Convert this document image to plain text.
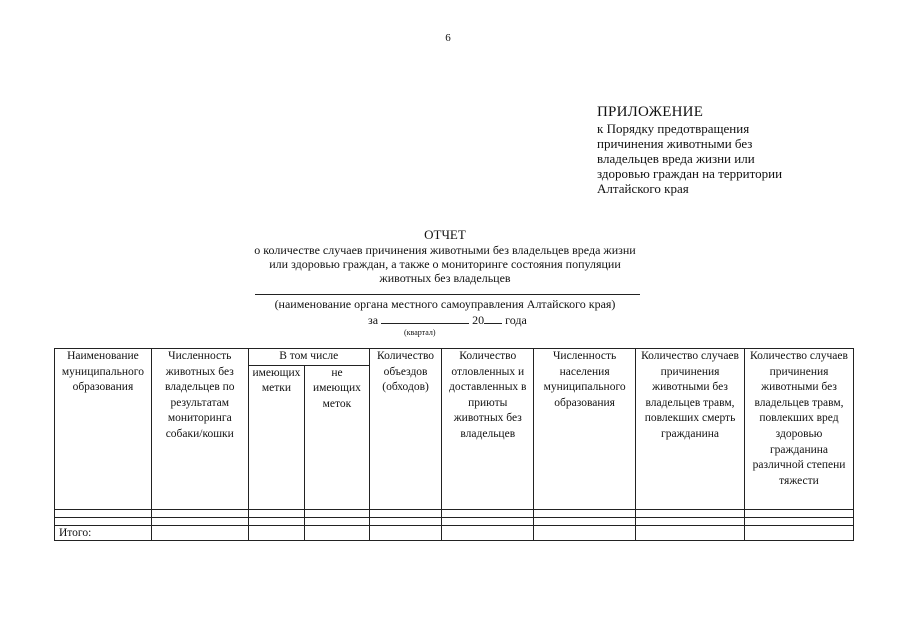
6
ПРИЛОЖЕНИЕ
к Порядку предотвращения
причинения животными без
владельцев вреда жизни или
здоровью граждан на территории
Алтайского края
ОТЧЕТ
о количестве случаев причинения животными без владельцев вреда жизни
или здоровью граждан, а также о мониторинге состояния популяции
животных без владельцев
(наименование органа местного самоуправления Алтайского края)
за	20 года
(квартал)
Наименование муниципального образования	Численность животных без владельцев по результатам мониторинга собаки/кошки	В том числе		Количество объездов (обходов)	Количество отловленных и доставленных в приюты животных без владельцев	Численность населения муниципального образования	Количество случаев причинения животными без владельцев травм, повлекших смерть гражданина	Количество случаев причинения животными без владельцев травм, повлекших вред здоровью гражданина различной степени тяжести
		имеющих метки	не имеющих меток					

Итого:								
